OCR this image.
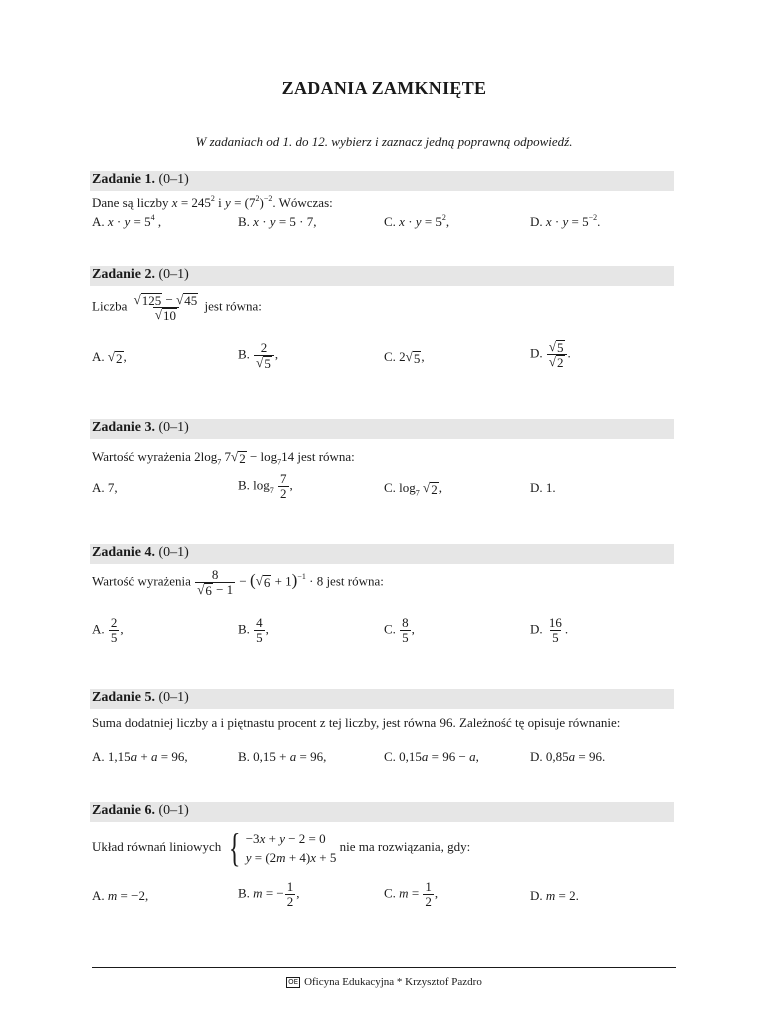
ZADANIA ZAMKNIĘTE
W zadaniach od 1. do 12. wybierz i zaznacz jedną poprawną odpowiedź.
Zadanie 1. (0–1)
Dane są liczby $x = 245^2$ i $y = (7^2)^{-2}$. Wówczas:
A. $x \cdot y = 5^4$ ,	B. x · y = 5 · 7,	C. $x \cdot y = 5^2$,	D. $x \cdot y = 5^{-2}$.
Zadanie 2. (0–1)
Liczba $\frac{√ 125 - √ 45}{√ 10}$ jest równa:
A. √ 2 ,	B. $\frac{2}{√ 5}$ ,	C. 2 √ 5 ,	D. $\frac{√ 5}{√ 2}$ .
Zadanie 3. (0–1)
Wartość wyrażenia $2\log_7$ 7 √ $2 - \log_714$ jest równa:
A. 7,	B. $\log_7 \frac{7}{2}$ ,	C. $\log_7$ √ 2 ,	D. 1.
Zadanie 4. (0–1)
Wartość wyrażenia $\frac{8}{√ 6 - 1}$ − ( √ 6 + 1)$^{-1}$ · 8 jest równa:
A. $\frac{2}{5}$ ,	B. $\frac{4}{5}$ ,	C. $\frac{8}{5}$ ,	D. $\frac{16}{5}$ .
Zadanie 5. (0–1)
Suma dodatniej liczby a i piętnastu procent z tej liczby, jest równa 96. Zależność tę opisuje równanie:
A. 1,15a + a = 96,	B. 0,15 + a = 96,	C. 0,15a = 96 − a,	D. 0,85a = 96.
Zadanie 6. (0–1)
Układ równań liniowych { −3x + y − 2 = 0
y = (2m + 4)x + 5
nie ma rozwiązania, gdy:
A. m = −2,	B. m = − $\frac{1}{2}$ ,	C. $m = \frac{1}{2}$ ,	D. m = 2.
OE Oficyna Edukacyjna * Krzysztof Pazdro
